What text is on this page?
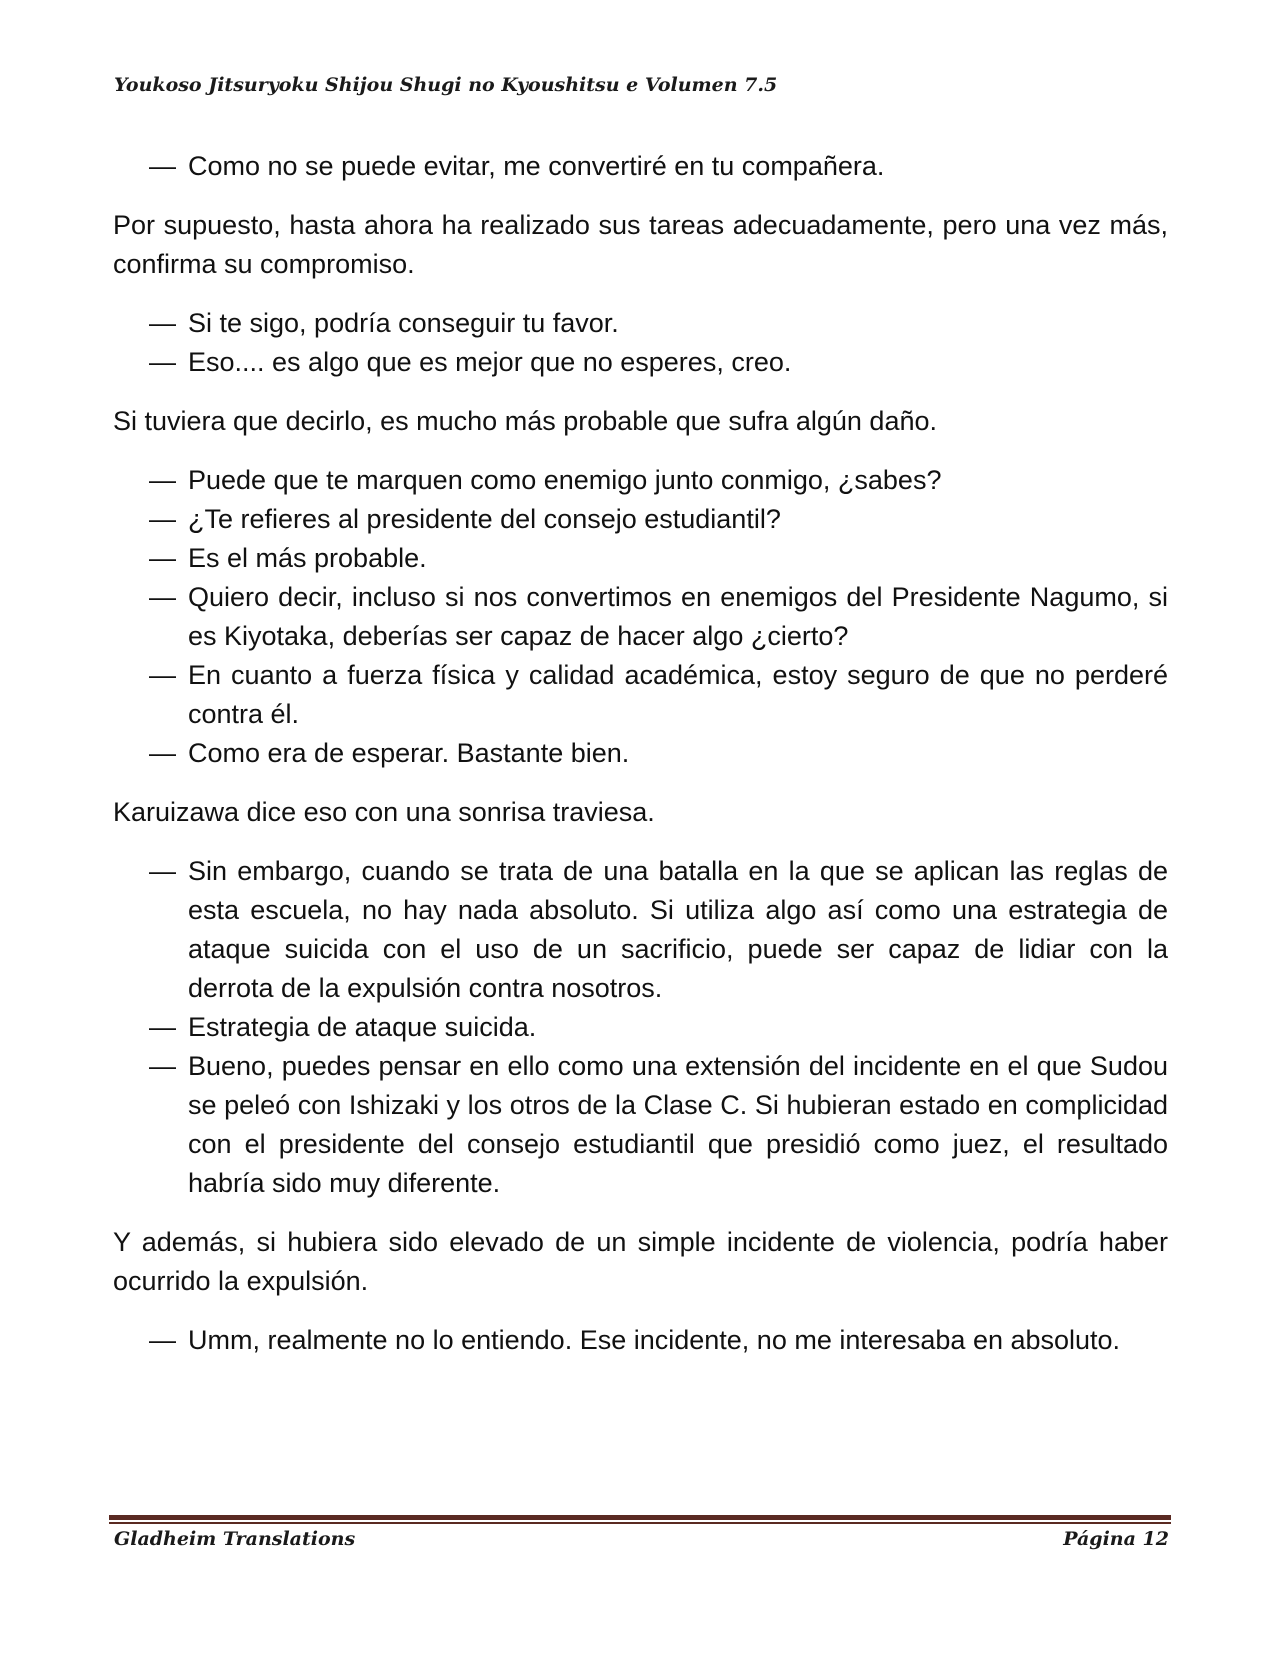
Youkoso Jitsuryoku Shijou Shugi no Kyoushitsu e Volumen 7.5

— Como no se puede evitar, me convertiré en tu compañera.

Por supuesto, hasta ahora ha realizado sus tareas adecuadamente, pero una vez más, confirma su compromiso.

— Si te sigo, podría conseguir tu favor.

— Eso.... es algo que es mejor que no esperes, creo.

Si tuviera que decirlo, es mucho más probable que sufra algún daño.

— Puede que te marquen como enemigo junto conmigo, ¿sabes?

— ¿Te refieres al presidente del consejo estudiantil?

— Es el más probable.

— Quiero decir, incluso si nos convertimos en enemigos del Presidente Nagumo, si es Kiyotaka, deberías ser capaz de hacer algo ¿cierto?

— En cuanto a fuerza física y calidad académica, estoy seguro de que no perderé contra él.

— Como era de esperar. Bastante bien.

Karuizawa dice eso con una sonrisa traviesa.

— Sin embargo, cuando se trata de una batalla en la que se aplican las reglas de esta escuela, no hay nada absoluto. Si utiliza algo así como una estrategia de ataque suicida con el uso de un sacrificio, puede ser capaz de lidiar con la derrota de la expulsión contra nosotros.

— Estrategia de ataque suicida.

— Bueno, puedes pensar en ello como una extensión del incidente en el que Sudou se peleó con Ishizaki y los otros de la Clase C. Si hubieran estado en complicidad con el presidente del consejo estudiantil que presidió como juez, el resultado habría sido muy diferente.

Y además, si hubiera sido elevado de un simple incidente de violencia, podría haber ocurrido la expulsión.

— Umm, realmente no lo entiendo. Ese incidente, no me interesaba en absoluto.

Gladheim Translations	Página 12
